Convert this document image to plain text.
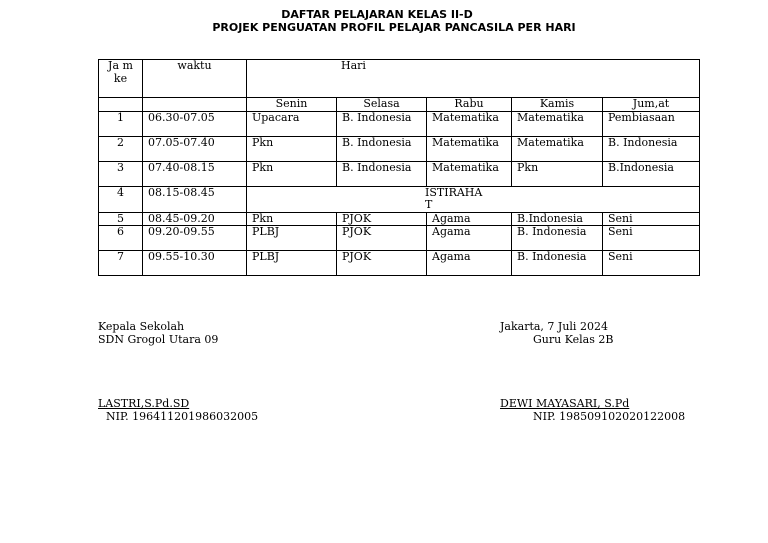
DAFTAR PELAJARAN KELAS II-D
PROJEK PENGUATAN PROFIL PELAJAR PANCASILA PER HARI
Ja m ke	waktu	Hari				
		Senin	Selasa	Rabu	Kamis	Jum,at
1	06.30-07.05	Upacara	B. Indonesia	Matematika	Matematika	Pembiasaan
2	07.05-07.40	Pkn	B. Indonesia	Matematika	Matematika	B. Indonesia
3	07.40-08.15	Pkn	B. Indonesia	Matematika	Pkn	B.Indonesia
4	08.15-08.45	ISTIRAHAT				
5	08.45-09.20	Pkn	PJOK	Agama	B.Indonesia	Seni
6	09.20-09.55	PLBJ	PJOK	Agama	B. Indonesia	Seni
7	09.55-10.30	PLBJ	PJOK	Agama	B. Indonesia	Seni
Kepala Sekolah
SDN Grogol Utara 09
LASTRI,S.Pd.SD
NIP. 196411201986032005
Jakarta, 7 Juli 2024
Guru Kelas 2B
DEWI MAYASARI, S.Pd
NIP. 198509102020122008
